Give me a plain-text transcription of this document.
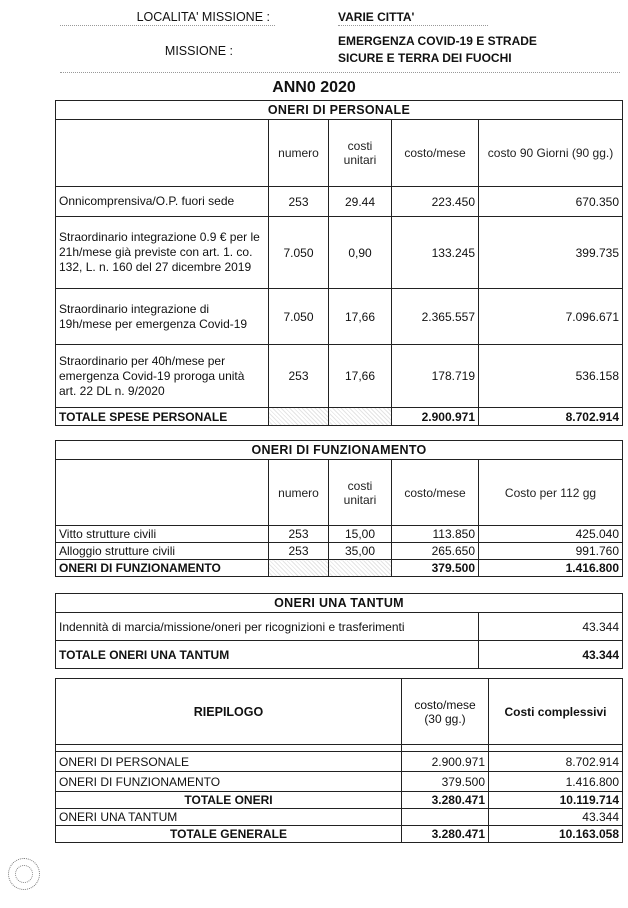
LOCALITA' MISSIONE :	VARIE CITTA'
MISSIONE :
EMERGENZA COVID-19 E STRADE
SICURE E TERRA DEI FUOCHI
ANN0 2020
ONERI DI PERSONALE				
	numero	costi unitari	costo/mese	costo 90 Giorni (90 gg.)
Onnicomprensiva/O.P. fuori sede	253	29.44	223.450	670.350
Straordinario integrazione 0.9 € per le 21h/mese già previste con art. 1. co. 132, L. n. 160 del 27 dicembre 2019	7.050	0,90	133.245	399.735
Straordinario integrazione di 19h/mese per emergenza Covid-19	7.050	17,66	2.365.557	7.096.671
Straordinario per 40h/mese per emergenza Covid-19 proroga unità art. 22 DL n. 9/2020	253	17,66	178.719	536.158
TOTALE SPESE PERSONALE			2.900.971	8.702.914
ONERI DI FUNZIONAMENTO				
	numero	costi unitari	costo/mese	Costo per 112 gg
Vitto strutture civili	253	15,00	113.850	425.040
Alloggio strutture civili	253	35,00	265.650	991.760
ONERI DI FUNZIONAMENTO			379.500	1.416.800
ONERI UNA TANTUM	
Indennità di marcia/missione/oneri per ricognizioni e trasferimenti	43.344
TOTALE ONERI UNA TANTUM	43.344
RIEPILOGO	costo/mese (30 gg.)	Costi complessivi

ONERI DI PERSONALE	2.900.971	8.702.914
ONERI DI FUNZIONAMENTO	379.500	1.416.800
TOTALE ONERI	3.280.471	10.119.714
ONERI UNA TANTUM		43.344
TOTALE GENERALE	3.280.471	10.163.058
